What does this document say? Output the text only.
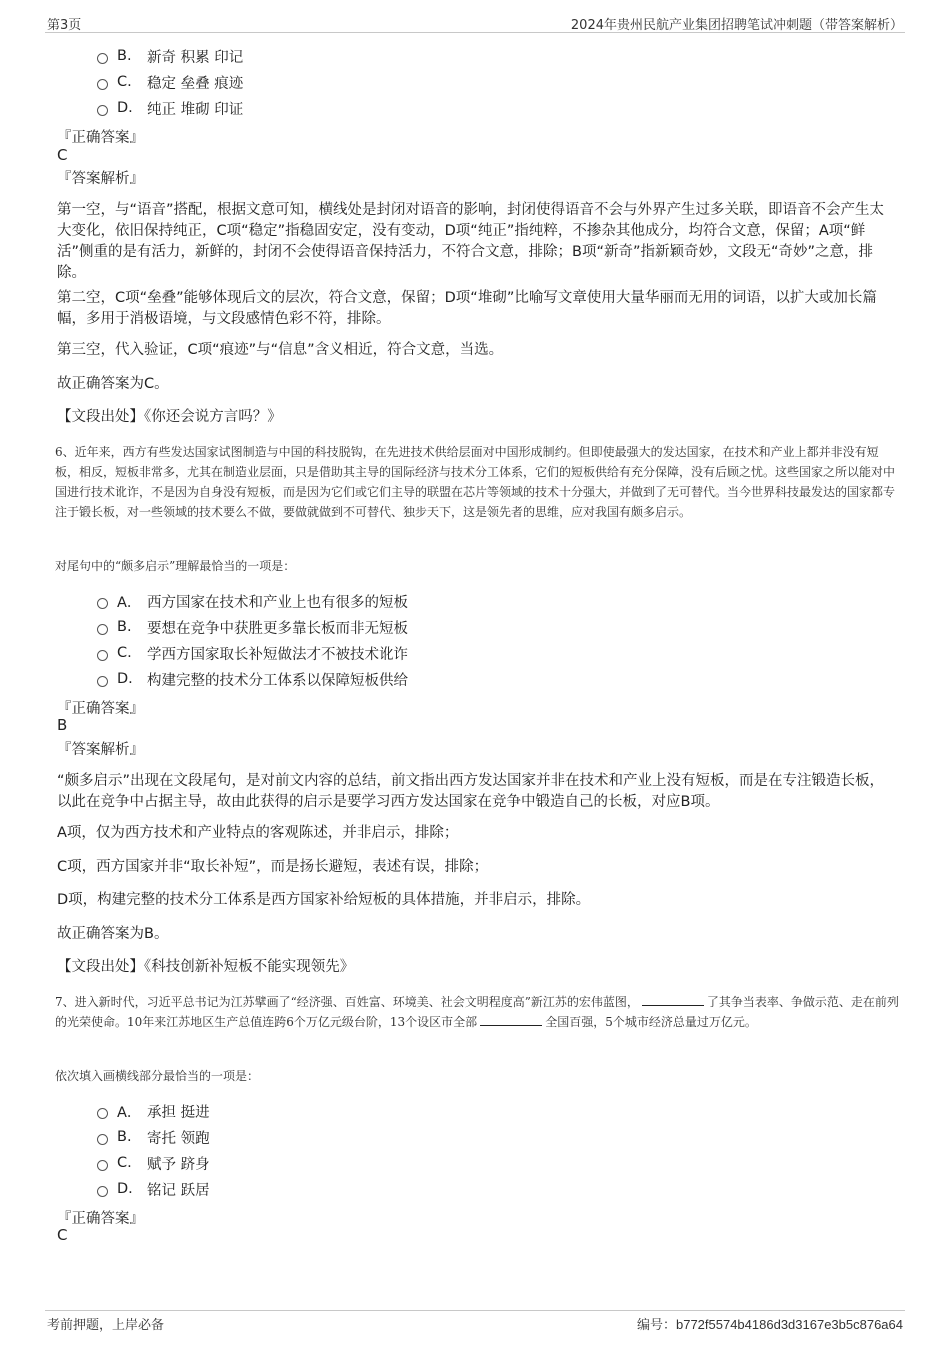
第3页	2024年贵州民航产业集团招聘笔试冲刺题（带答案解析）
B.	新奇 积累 印记
C.	稳定 垒叠 痕迹
D. 纯正 堆砌 印证
『正确答案』
C
『答案解析』
第一空，与“语音”搭配，根据文意可知，横线处是封闭对语音的影响，封闭使得语音不会与外界产生过多关联，即语音不会产生太大变化，依旧保持纯正，C项“稳定”指稳固安定，没有变动，D项“纯正”指纯粹，不掺杂其他成分，均符合文意，保留；A项“鲜活”侧重的是有活力，新鲜的，封闭不会使得语音保持活力，不符合文意，排除；B项“新奇”指新颖奇妙，文段无“奇妙”之意，排除。
第二空，C项“垒叠”能够体现后文的层次，符合文意，保留；D项“堆砌”比喻写文章使用大量华丽而无用的词语，以扩大或加长篇幅，多用于消极语境，与文段感情色彩不符，排除。
第三空，代入验证，C项“痕迹”与“信息”含义相近，符合文意，当选。
故正确答案为C。
【文段出处】《你还会说方言吗？》
6、近年来，西方有些发达国家试图制造与中国的科技脱钩，在先进技术供给层面对中国形成制约。但即使最强大的发达国家，在技术和产业上都并非没有短板，相反，短板非常多，尤其在制造业层面，只是借助其主导的国际经济与技术分工体系，它们的短板供给有充分保障，没有后顾之忧。这些国家之所以能对中国进行技术讹诈，不是因为自身没有短板，而是因为它们或它们主导的联盟在芯片等领域的技术十分强大，并做到了无可替代。当今世界科技最发达的国家都专注于锻长板，对一些领域的技术要么不做，要做就做到不可替代、独步天下，这是领先者的思维，应对我国有颇多启示。
对尾句中的“颇多启示”理解最恰当的一项是：
A． 西方国家在技术和产业上也有很多的短板
B.	要想在竞争中获胜更多靠长板而非无短板
C.	学西方国家取长补短做法才不被技术讹诈
D. 构建完整的技术分工体系以保障短板供给
『正确答案』
B
『答案解析』
“颇多启示”出现在文段尾句，是对前文内容的总结，前文指出西方发达国家并非在技术和产业上没有短板，而是在专注锻造长板，以此在竞争中占据主导，故由此获得的启示是要学习西方发达国家在竞争中锻造自己的长板，对应B项。
A项，仅为西方技术和产业特点的客观陈述，并非启示，排除；
C项，西方国家并非“取长补短”，而是扬长避短，表述有误，排除；
D项，构建完整的技术分工体系是西方国家补给短板的具体措施，并非启示，排除。
故正确答案为B。
【文段出处】《科技创新补短板不能实现领先》
7、进入新时代，习近平总书记为江苏擘画了“经济强、百姓富、环境美、社会文明程度高”新江苏的宏伟蓝图，	了其争当表率、争做示范、走在前列的光荣使命。10年来江苏地区生产总值连跨6个万亿元级台阶，13个设区市全部	全国百强，5个城市经济总量过万亿元。
依次填入画横线部分最恰当的一项是：
A． 承担 挺进
B.	寄托 领跑
C.	赋予 跻身
D. 铭记 跃居
『正确答案』
C
考前押题，上岸必备	编号：b772f5574b4186d3d3167e3b5c876a64
